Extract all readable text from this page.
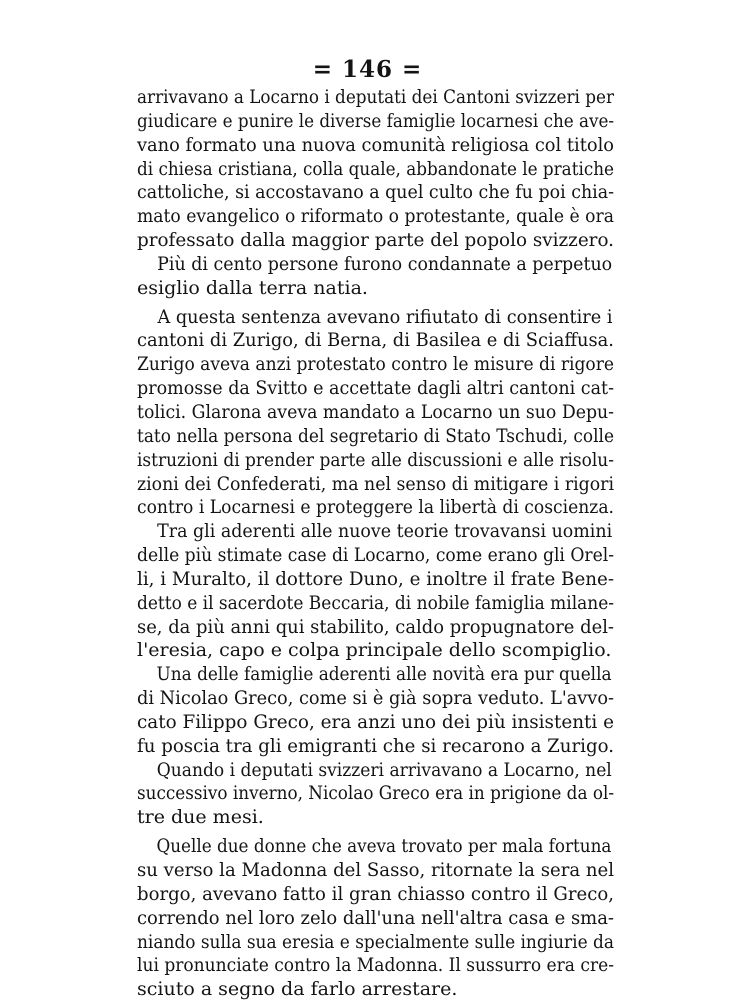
= 146 =
arrivavano a Locarno i deputati dei Cantoni svizzeri per
giudicare e punire le diverse famiglie locarnesi che ave-
vano formato una nuova comunità religiosa col titolo
di chiesa cristiana, colla quale, abbandonate le pratiche
cattoliche, si accostavano a quel culto che fu poi chia-
mato evangelico o riformato o protestante, quale è ora
professato dalla maggior parte del popolo svizzero.
Più di cento persone furono condannate a perpetuo
esiglio dalla terra natia.
A questa sentenza avevano rifiutato di consentire i
cantoni di Zurigo, di Berna, di Basilea e di Sciaffusa.
Zurigo aveva anzi protestato contro le misure di rigore
promosse da Svitto e accettate dagli altri cantoni cat-
tolici. Glarona aveva mandato a Locarno un suo Depu-
tato nella persona del segretario di Stato Tschudi, colle
istruzioni di prender parte alle discussioni e alle risolu-
zioni dei Confederati, ma nel senso di mitigare i rigori
contro i Locarnesi e proteggere la libertà di coscienza.
Tra gli aderenti alle nuove teorie trovavansi uomini
delle più stimate case di Locarno, come erano gli Orel-
li, i Muralto, il dottore Duno, e inoltre il frate Bene-
detto e il sacerdote Beccaria, di nobile famiglia milane-
se, da più anni qui stabilito, caldo propugnatore del-
l'eresia, capo e colpa principale dello scompiglio.
Una delle famiglie aderenti alle novità era pur quella
di Nicolao Greco, come si è già sopra veduto. L'avvo-
cato Filippo Greco, era anzi uno dei più insistenti e
fu poscia tra gli emigranti che si recarono a Zurigo.
Quando i deputati svizzeri arrivavano a Locarno, nel
successivo inverno, Nicolao Greco era in prigione da ol-
tre due mesi.
Quelle due donne che aveva trovato per mala fortuna
su verso la Madonna del Sasso, ritornate la sera nel
borgo, avevano fatto il gran chiasso contro il Greco,
correndo nel loro zelo dall'una nell'altra casa e sma-
niando sulla sua eresia e specialmente sulle ingiurie da
lui pronunciate contro la Madonna. Il sussurro era cre-
sciuto a segno da farlo arrestare.
